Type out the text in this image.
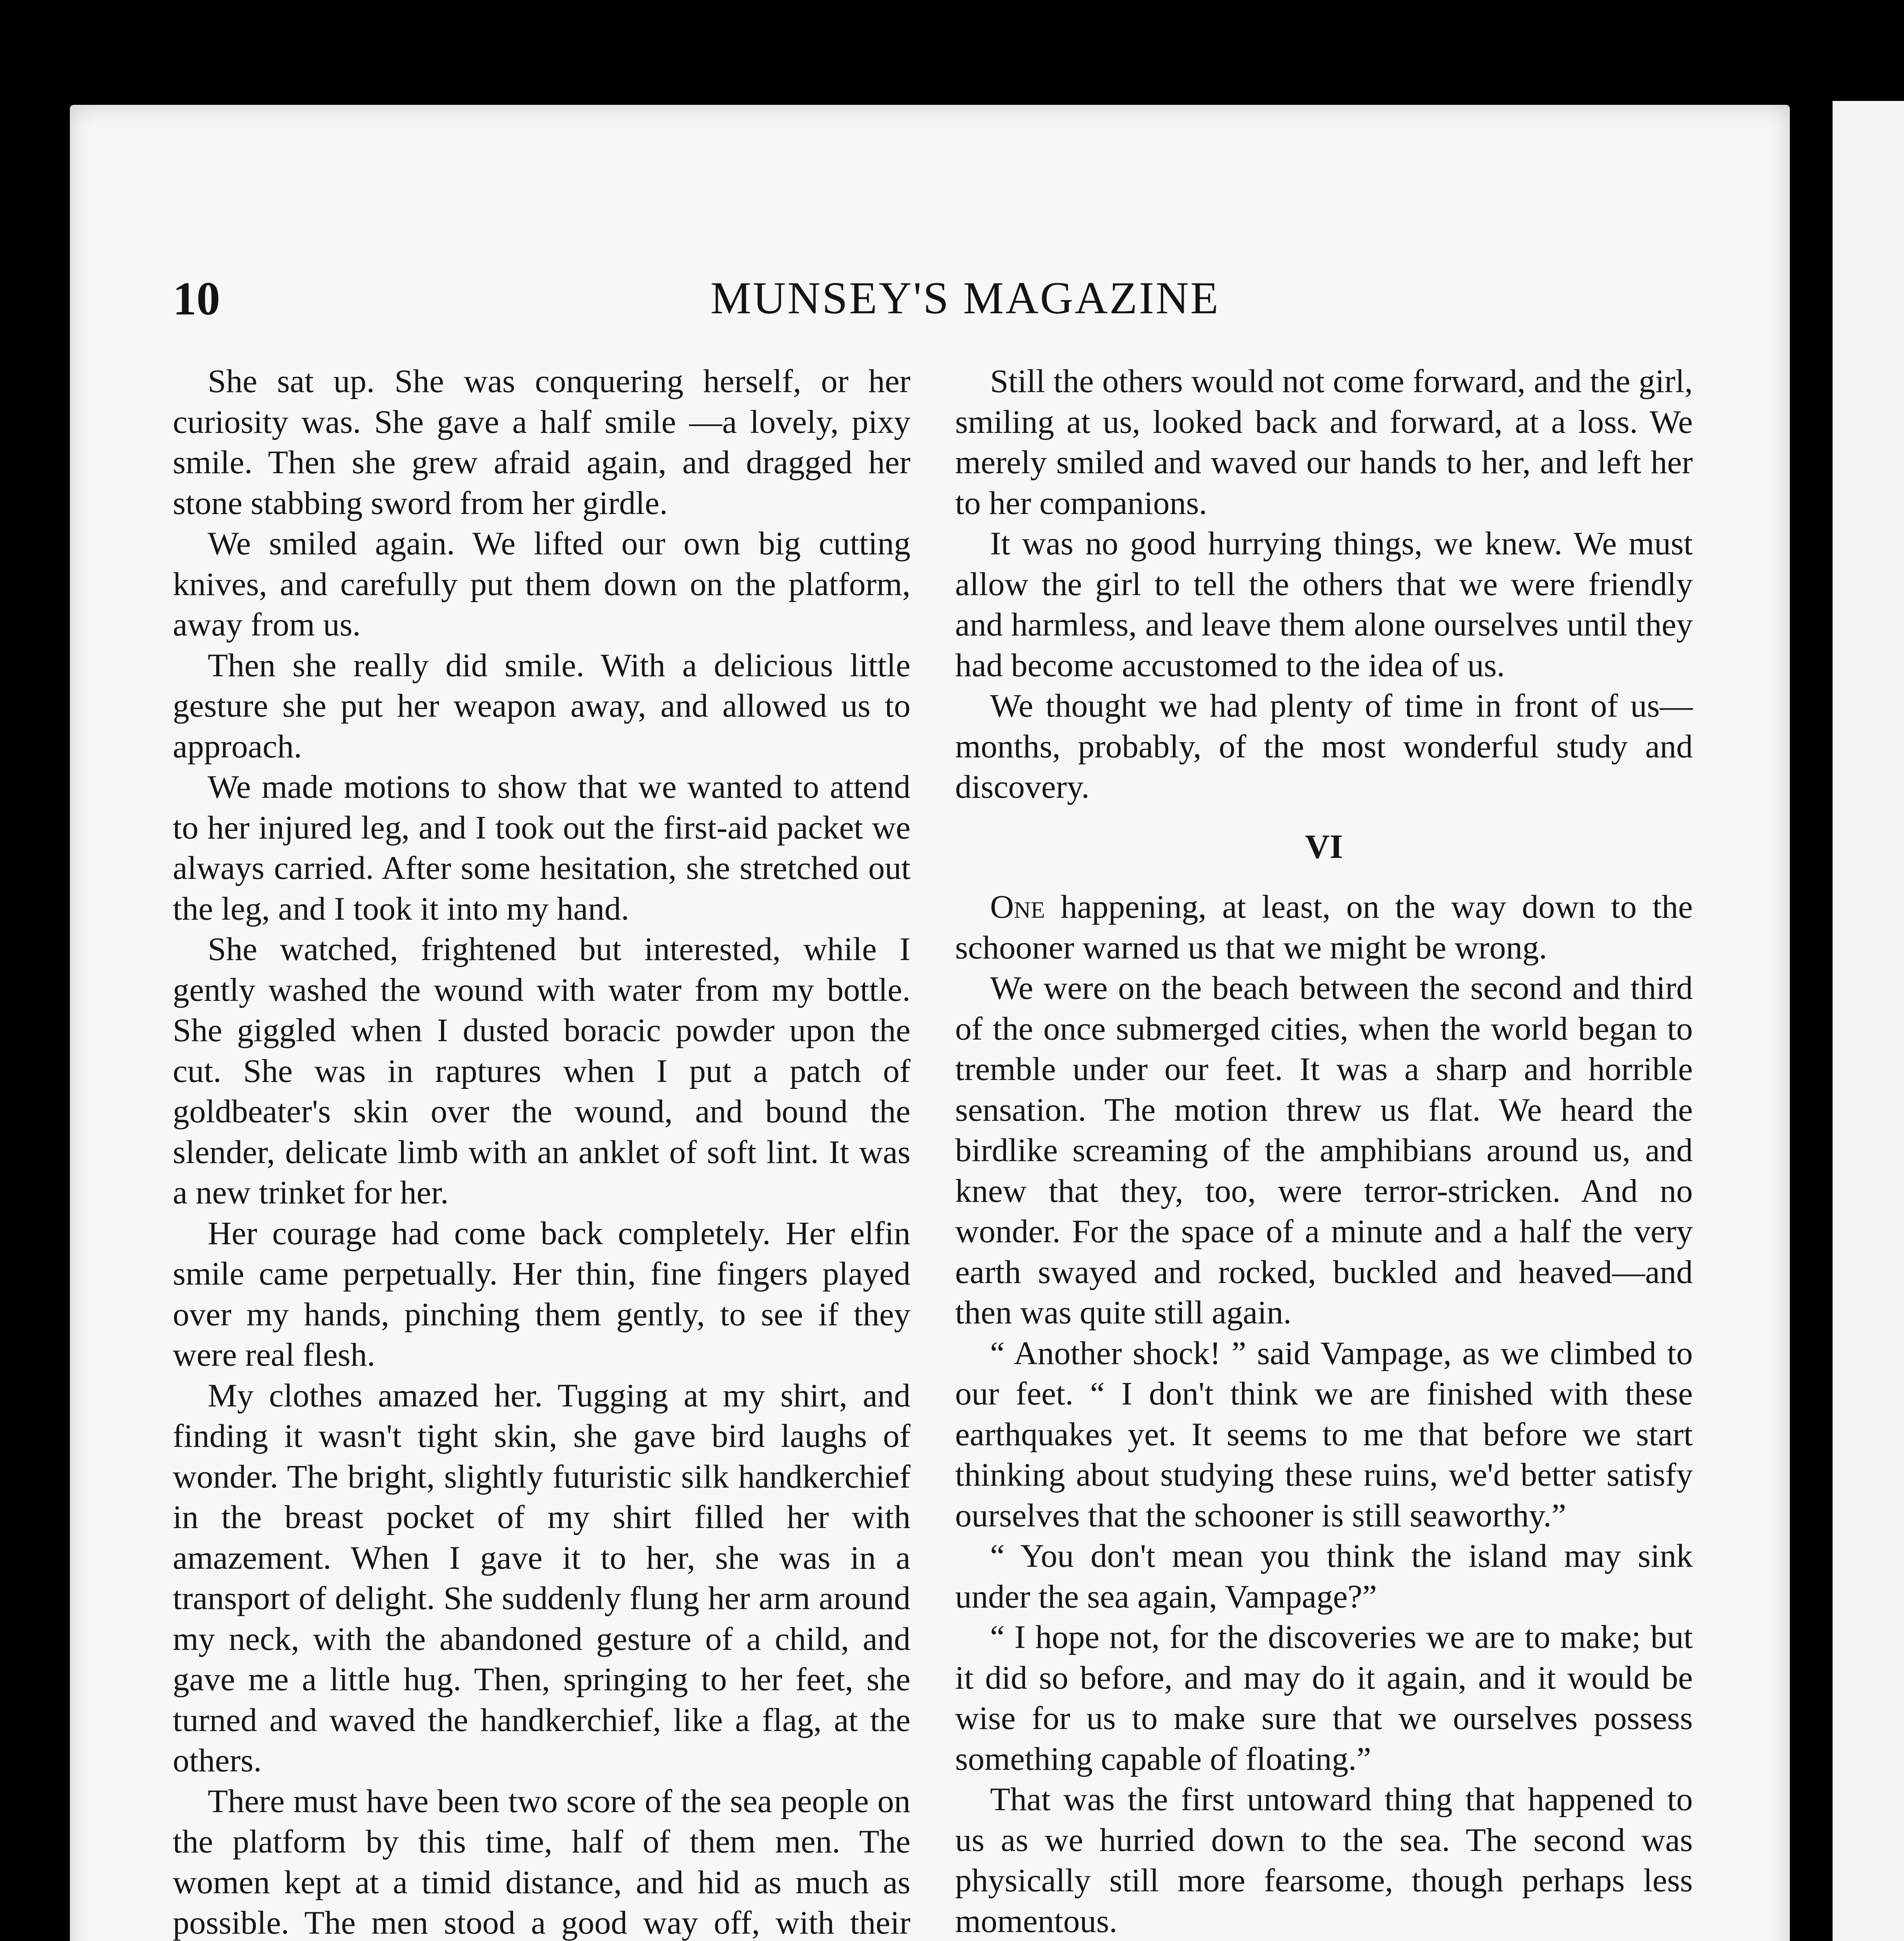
10	MUNSEY'S MAGAZINE

She sat up. She was conquering herself, or her curiosity was. She gave a half smile —a lovely, pixy smile. Then she grew afraid again, and dragged her stone stabbing sword from her girdle.

We smiled again. We lifted our own big cutting knives, and carefully put them down on the platform, away from us.

Then she really did smile. With a delicious little gesture she put her weapon away, and allowed us to approach.

We made motions to show that we wanted to attend to her injured leg, and I took out the first-aid packet we always carried. After some hesitation, she stretched out the leg, and I took it into my hand.

She watched, frightened but interested, while I gently washed the wound with water from my bottle. She giggled when I dusted boracic powder upon the cut. She was in raptures when I put a patch of goldbeater's skin over the wound, and bound the slender, delicate limb with an anklet of soft lint. It was a new trinket for her.

Her courage had come back completely. Her elfin smile came perpetually. Her thin, fine fingers played over my hands, pinching them gently, to see if they were real flesh.

My clothes amazed her. Tugging at my shirt, and finding it wasn't tight skin, she gave bird laughs of wonder. The bright, slightly futuristic silk handkerchief in the breast pocket of my shirt filled her with amazement. When I gave it to her, she was in a transport of delight. She suddenly flung her arm around my neck, with the abandoned gesture of a child, and gave me a little hug. Then, springing to her feet, she turned and waved the handkerchief, like a flag, at the others.

There must have been two score of the sea people on the platform by this time, half of them men. The women kept at a timid distance, and hid as much as possible. The men stood a good way off, with their

Still the others would not come forward, and the girl, smiling at us, looked back and forward, at a loss. We merely smiled and waved our hands to her, and left her to her companions.

It was no good hurrying things, we knew. We must allow the girl to tell the others that we were friendly and harmless, and leave them alone ourselves until they had become accustomed to the idea of us.

We thought we had plenty of time in front of us—months, probably, of the most wonderful study and discovery.

VI

One happening, at least, on the way down to the schooner warned us that we might be wrong.

We were on the beach between the second and third of the once submerged cities, when the world began to tremble under our feet. It was a sharp and horrible sensation. The motion threw us flat. We heard the birdlike screaming of the amphibians around us, and knew that they, too, were terror-stricken. And no wonder. For the space of a minute and a half the very earth swayed and rocked, buckled and heaved—and then was quite still again.

“ Another shock! ” said Vampage, as we climbed to our feet. “ I don't think we are finished with these earthquakes yet. It seems to me that before we start thinking about studying these ruins, we'd better satisfy ourselves that the schooner is still seaworthy.”

“ You don't mean you think the island may sink under the sea again, Vampage?”

“ I hope not, for the discoveries we are to make; but it did so before, and may do it again, and it would be wise for us to make sure that we ourselves possess something capable of floating.”

That was the first untoward thing that happened to us as we hurried down to the sea. The second was physically still more fearsome, though perhaps less momentous.
